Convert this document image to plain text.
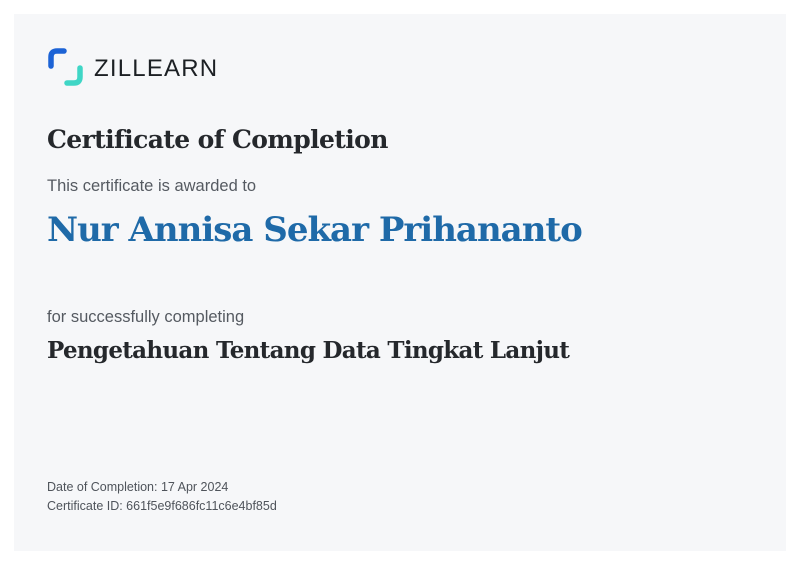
ZILLEARN
Certificate of Completion
This certificate is awarded to
Nur Annisa Sekar Prihananto
for successfully completing
Pengetahuan Tentang Data Tingkat Lanjut
Date of Completion: 17 Apr 2024
Certificate ID: 661f5e9f686fc11c6e4bf85d
